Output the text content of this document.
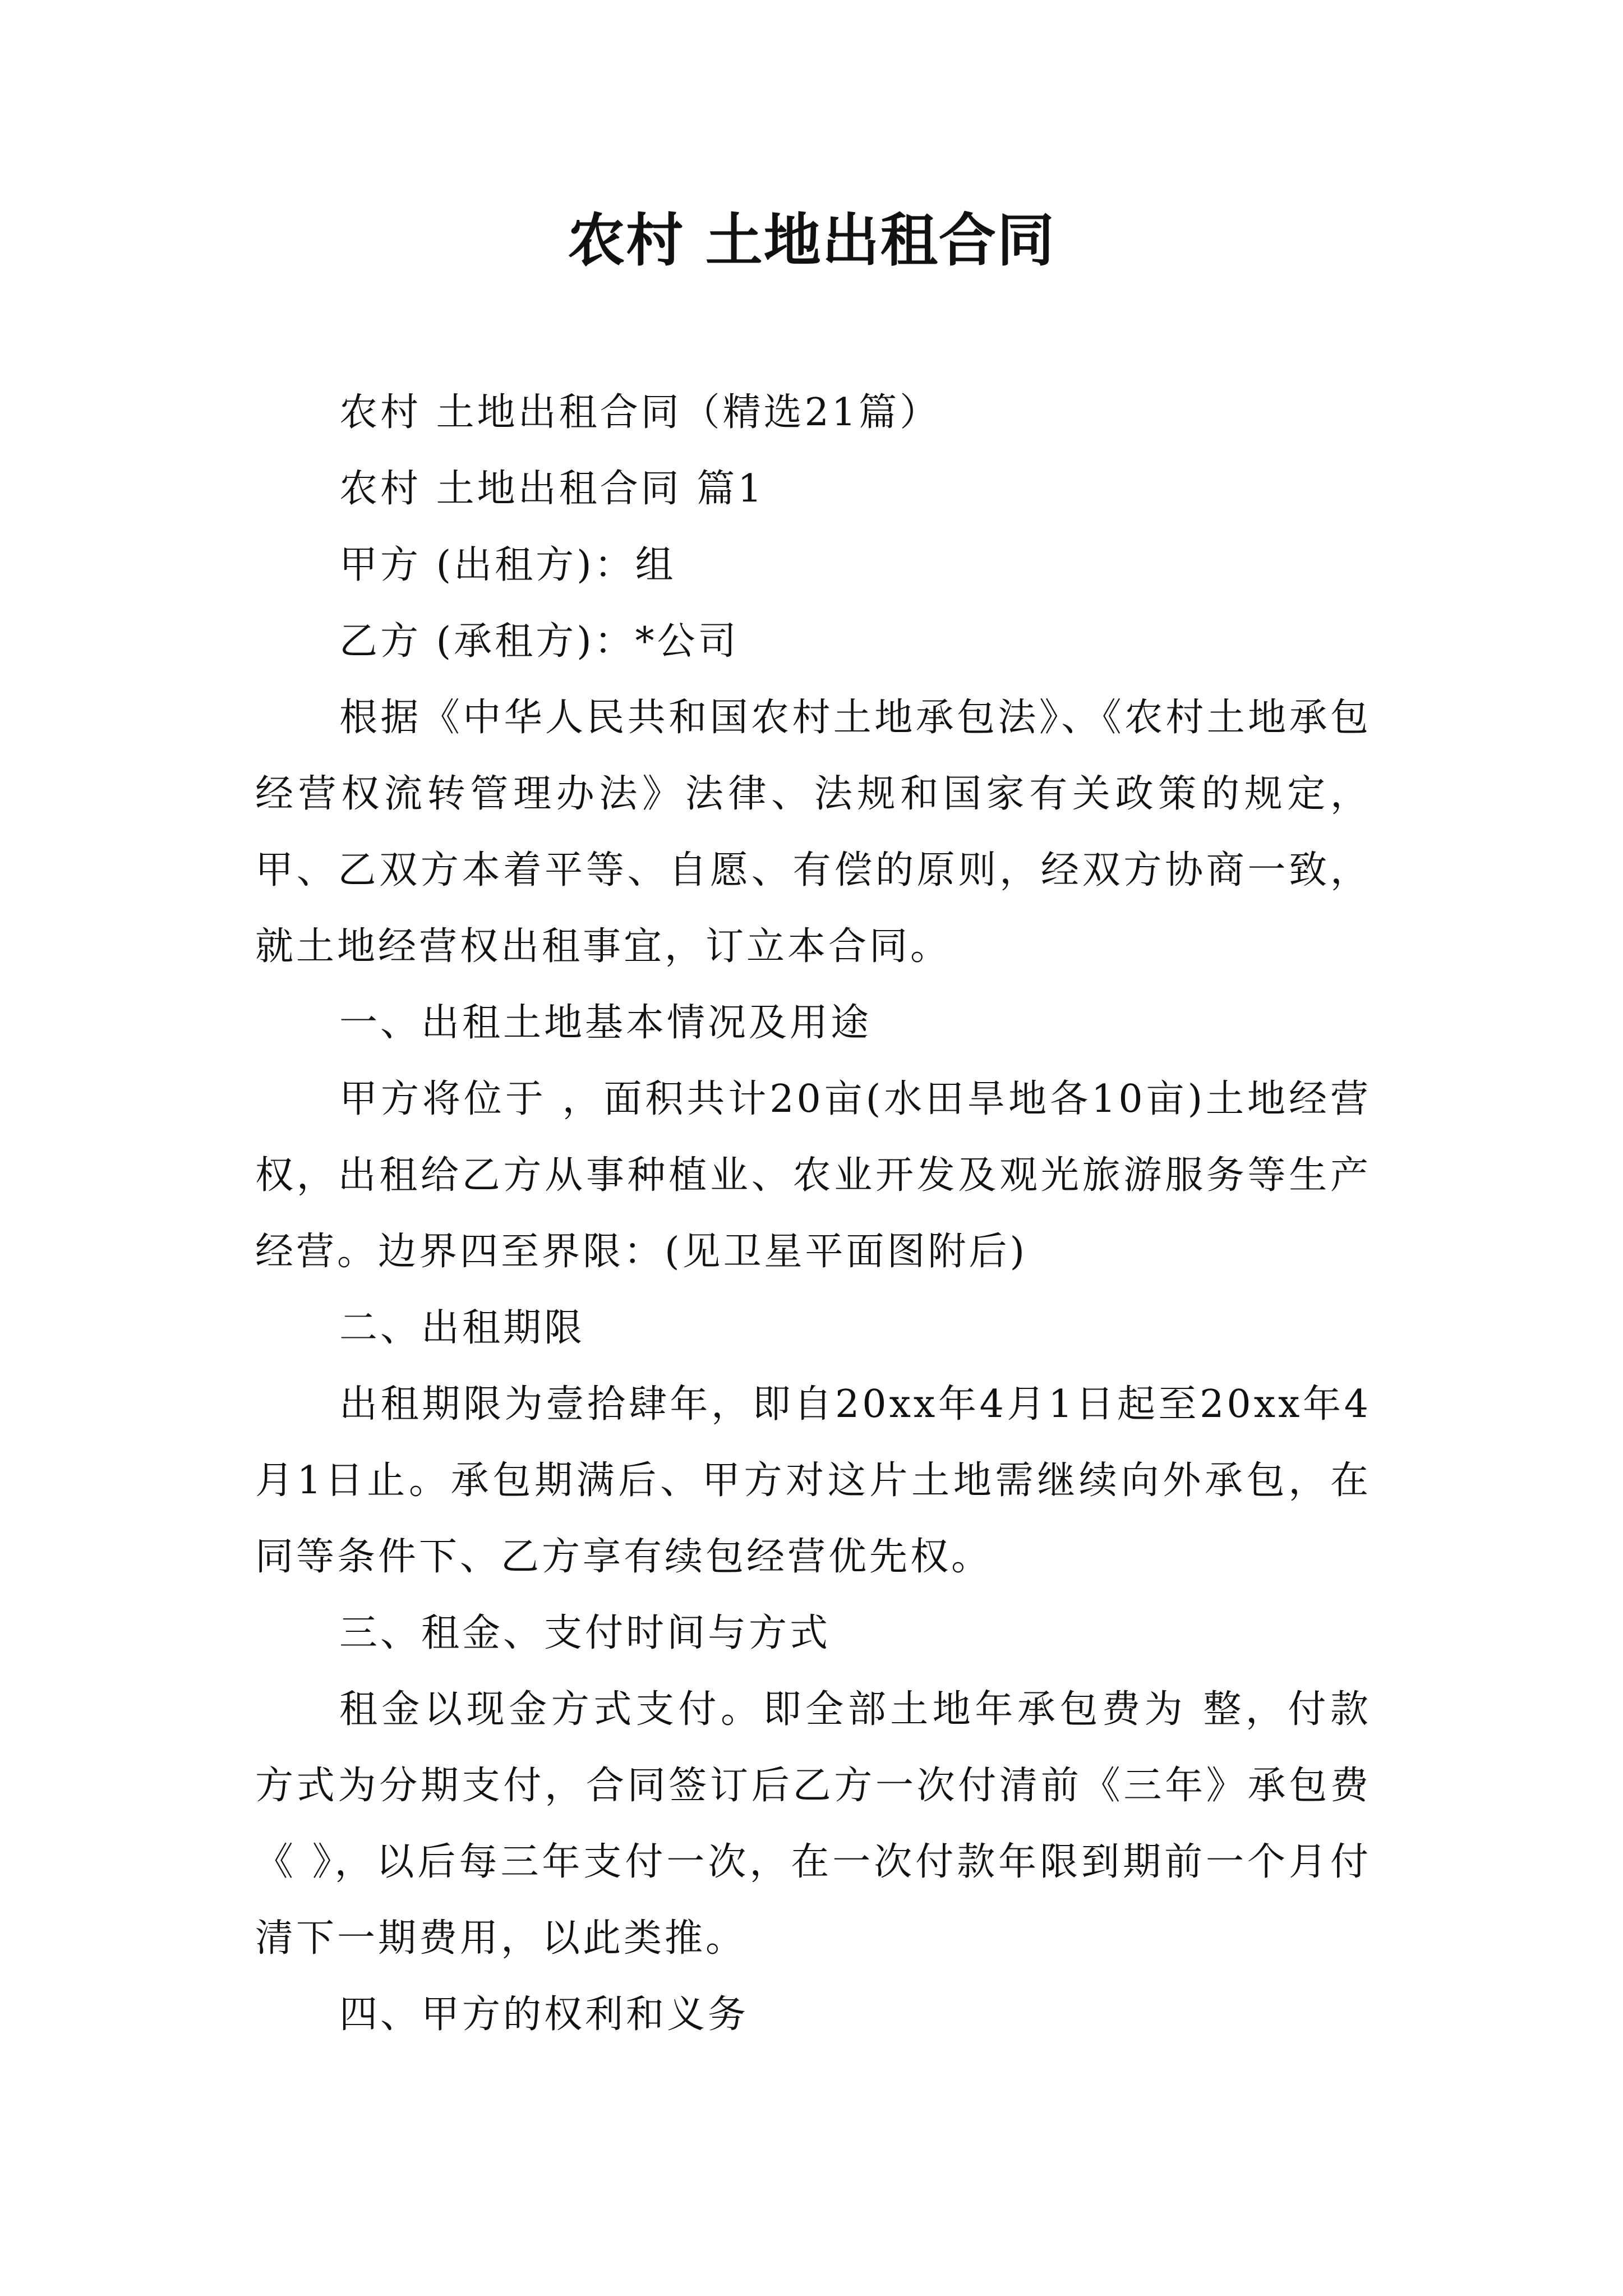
农村 土地出租合同

农村 土地出租合同（精选21篇）

农村 土地出租合同 篇1

甲方 (出租方)：组

乙方 (承租方)：*公司

根据《中华人民共和国农村土地承包法》、《农村土地承包经营权流转管理办法》法律、法规和国家有关政策的规定，甲、乙双方本着平等、自愿、有偿的原则，经双方协商一致，就土地经营权出租事宜，订立本合同。

一、出租土地基本情况及用途

甲方将位于 ，面积共计20亩(水田旱地各10亩)土地经营权，出租给乙方从事种植业、农业开发及观光旅游服务等生产经营。边界四至界限：(见卫星平面图附后)

二、出租期限

出租期限为壹拾肆年，即自20xx年4月1日起至20xx年4月1日止。承包期满后、甲方对这片土地需继续向外承包，在同等条件下、乙方享有续包经营优先权。

三、租金、支付时间与方式

租金以现金方式支付。即全部土地年承包费为 整，付款方式为分期支付，合同签订后乙方一次付清前《三年》承包费《 》，以后每三年支付一次，在一次付款年限到期前一个月付清下一期费用，以此类推。

四、甲方的权利和义务
